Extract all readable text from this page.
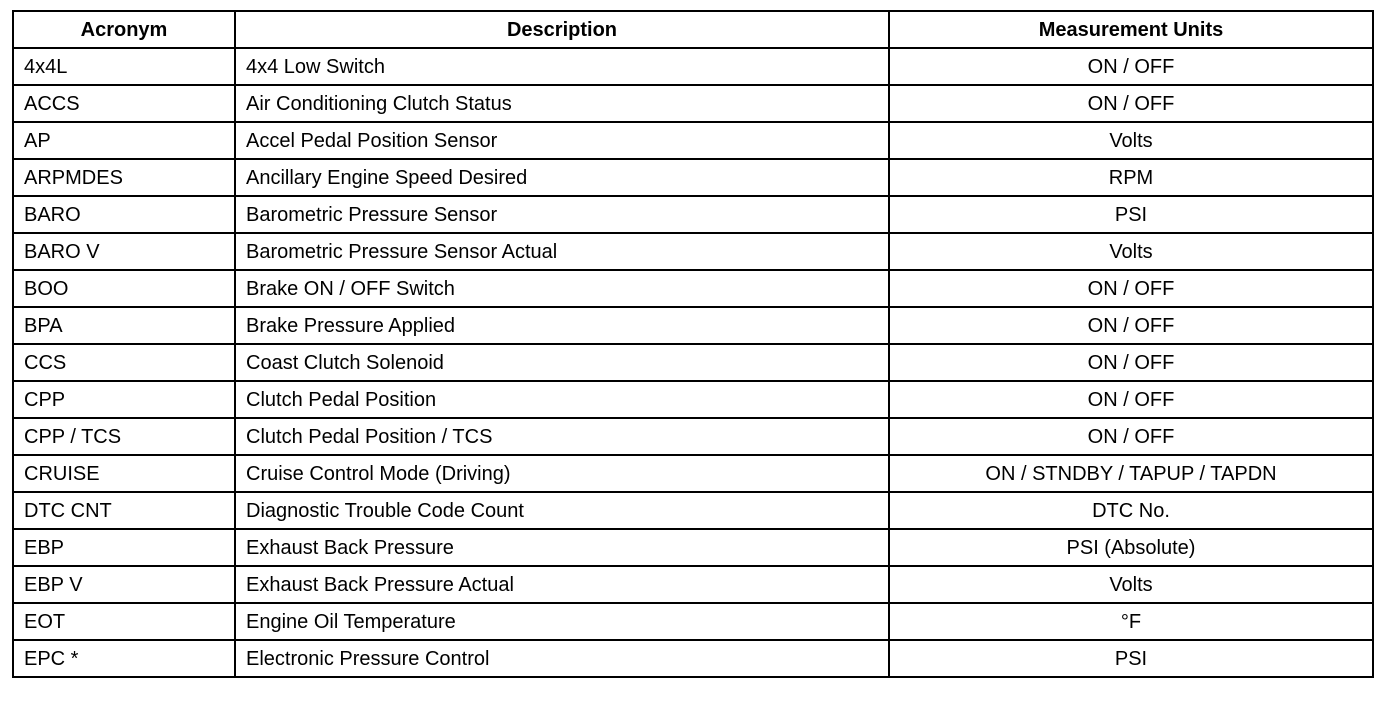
Acronym	Description	Measurement Units
4x4L	4x4 Low Switch	ON / OFF
ACCS	Air Conditioning Clutch Status	ON / OFF
AP	Accel Pedal Position Sensor	Volts
ARPMDES	Ancillary Engine Speed Desired	RPM
BARO	Barometric Pressure Sensor	PSI
BARO V	Barometric Pressure Sensor Actual	Volts
BOO	Brake ON / OFF Switch	ON / OFF
BPA	Brake Pressure Applied	ON / OFF
CCS	Coast Clutch Solenoid	ON / OFF
CPP	Clutch Pedal Position	ON / OFF
CPP / TCS	Clutch Pedal Position / TCS	ON / OFF
CRUISE	Cruise Control Mode (Driving)	ON / STNDBY / TAPUP / TAPDN
DTC CNT	Diagnostic Trouble Code Count	DTC No.
EBP	Exhaust Back Pressure	PSI (Absolute)
EBP V	Exhaust Back Pressure Actual	Volts
EOT	Engine Oil Temperature	°F
EPC *	Electronic Pressure Control	PSI
